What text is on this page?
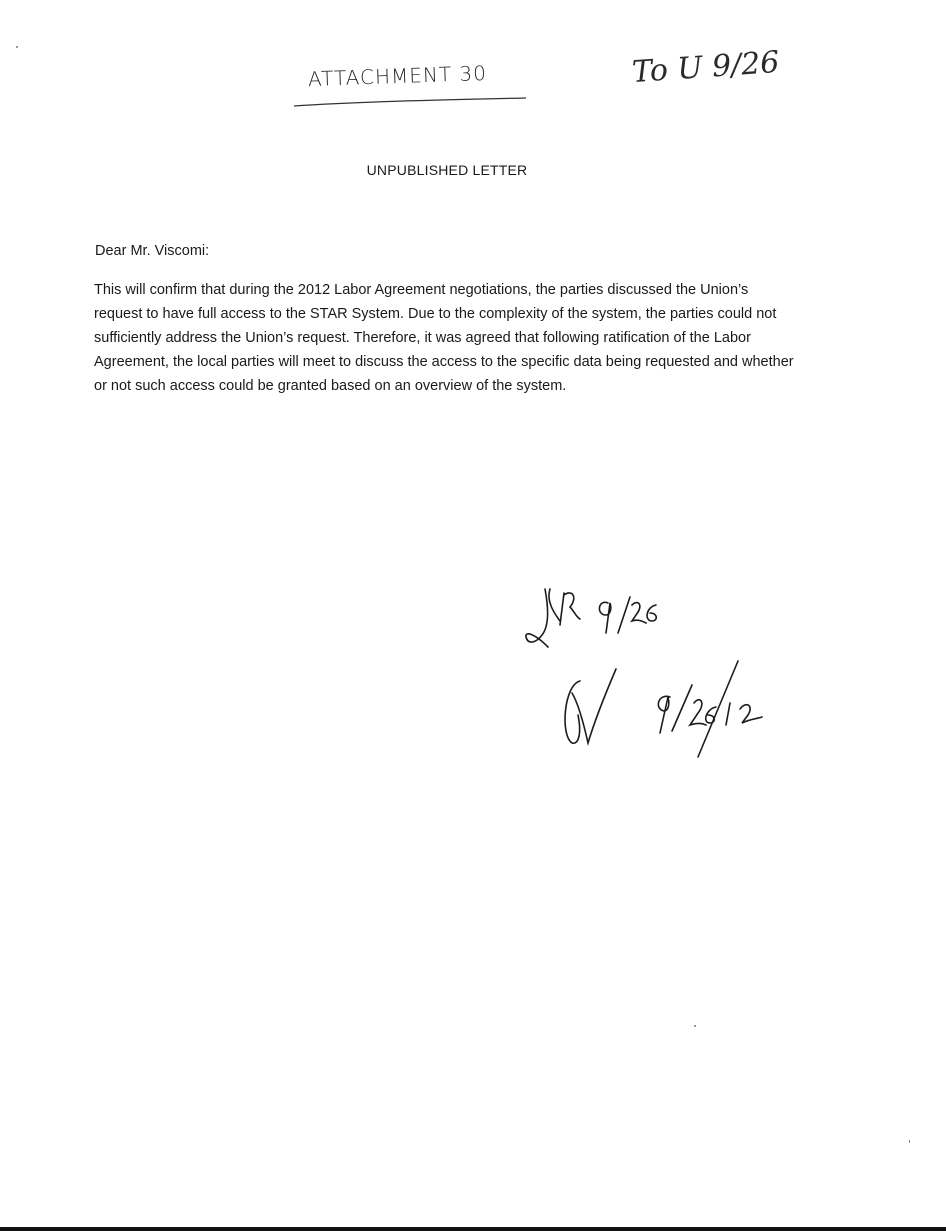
ATTACHMENT 30	To U 9/26
UNPUBLISHED LETTER
Dear Mr. Viscomi:
This will confirm that during the 2012 Labor Agreement negotiations, the parties discussed the Union’s request to have full access to the STAR System. Due to the complexity of the system, the parties could not sufficiently address the Union’s request. Therefore, it was agreed that following ratification of the Labor Agreement, the local parties will meet to discuss the access to the specific data being requested and whether or not such access could be granted based on an overview of the system.
